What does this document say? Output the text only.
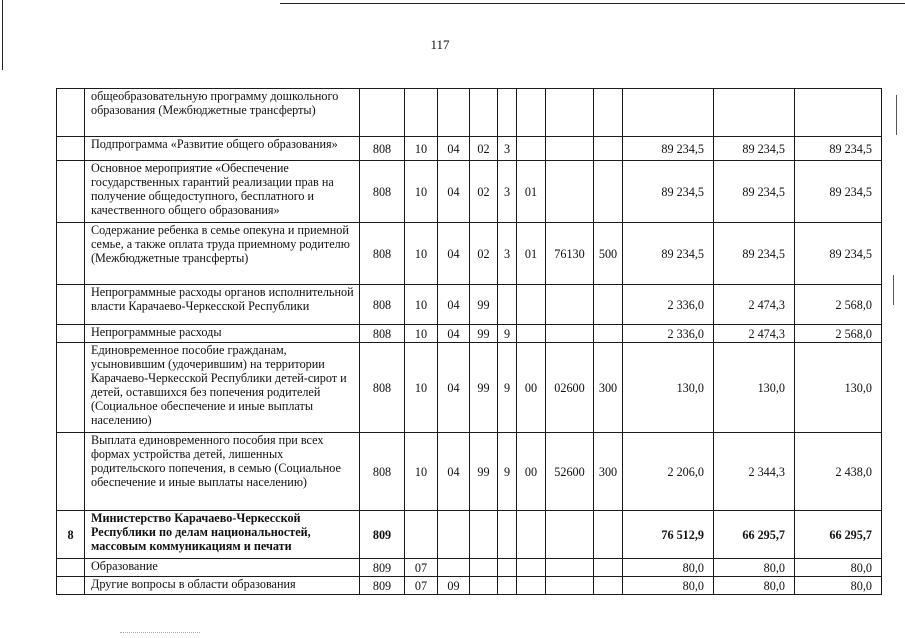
117
	общеобразовательную программу дошкольного образования (Межбюджетные трансферты)											
	Подпрограмма «Развитие общего образования»	808	10	04	02	3				89 234,5	89 234,5	89 234,5
	Основное мероприятие «Обеспечение государственных гарантий реализации прав на получение общедоступного, бесплатного и качественного общего образования»	808	10	04	02	3	01			89 234,5	89 234,5	89 234,5
	Содержание ребенка в семье опекуна и приемной семье, а также оплата труда приемному родителю (Межбюджетные трансферты)	808	10	04	02	3	01	76130	500	89 234,5	89 234,5	89 234,5
	Непрограммные расходы органов исполнительной власти Карачаево-Черкесской Республики	808	10	04	99					2 336,0	2 474,3	2 568,0
	Непрограммные расходы	808	10	04	99	9				2 336,0	2 474,3	2 568,0
	Единовременное пособие гражданам, усыновившим (удочерившим) на территории Карачаево-Черкесской Республики детей-сирот и детей, оставшихся без попечения родителей (Социальное обеспечение и иные выплаты населению)	808	10	04	99	9	00	02600	300	130,0	130,0	130,0
	Выплата единовременного пособия при всех формах устройства детей, лишенных родительского попечения, в семью (Социальное обеспечение и иные выплаты населению)	808	10	04	99	9	00	52600	300	2 206,0	2 344,3	2 438,0
8	Министерство Карачаево-Черкесской Республики по делам национальностей, массовым коммуникациям и печати	809								76 512,9	66 295,7	66 295,7
	Образование	809	07							80,0	80,0	80,0
	Другие вопросы в области образования	809	07	09						80,0	80,0	80,0
